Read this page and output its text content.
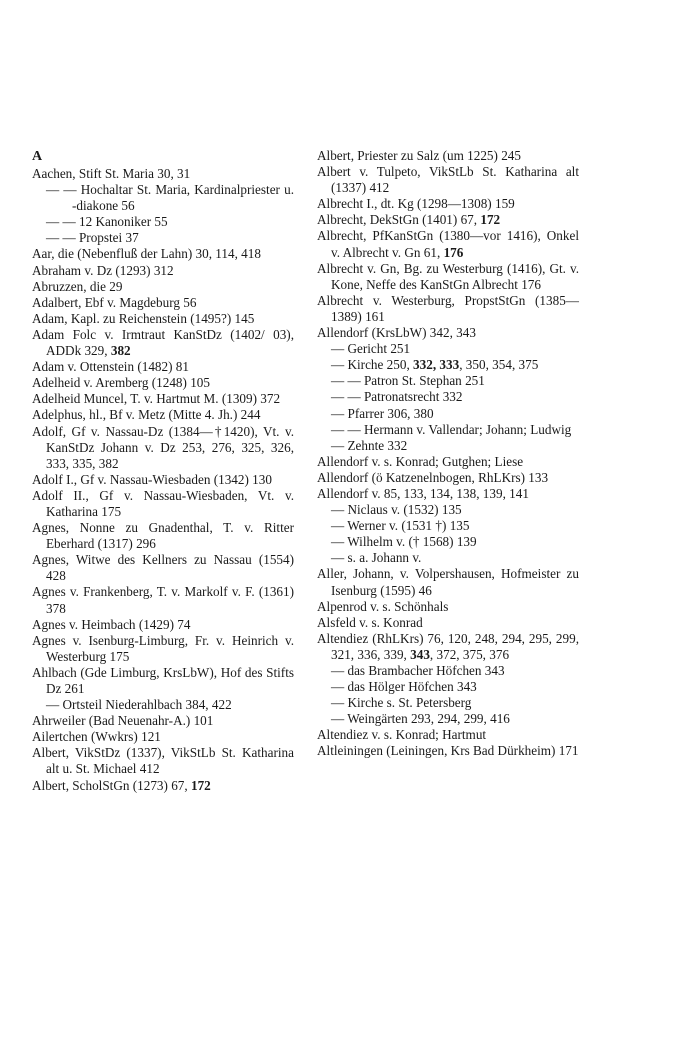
A
Aachen, Stift St. Maria 30, 31
— — Hochaltar St. Maria, Kardinalpriester u. -diakone 56
— — 12 Kanoniker 55
— — Propstei 37
Aar, die (Nebenfluß der Lahn) 30, 114, 418
Abraham v. Dz (1293) 312
Abruzzen, die 29
Adalbert, Ebf v. Magdeburg 56
Adam, Kapl. zu Reichenstein (1495?) 145
Adam Folc v. Irmtraut KanStDz (1402/ 03), ADDk 329, 382
Adam v. Ottenstein (1482) 81
Adelheid v. Aremberg (1248) 105
Adelheid Muncel, T. v. Hartmut M. (1309) 372
Adelphus, hl., Bf v. Metz (Mitte 4. Jh.) 244
Adolf, Gf v. Nassau-Dz (1384—†1420), Vt. v. KanStDz Johann v. Dz 253, 276, 325, 326, 333, 335, 382
Adolf I., Gf v. Nassau-Wiesbaden (1342) 130
Adolf II., Gf v. Nassau-Wiesbaden, Vt. v. Katharina 175
Agnes, Nonne zu Gnadenthal, T. v. Ritter Eberhard (1317) 296
Agnes, Witwe des Kellners zu Nassau (1554) 428
Agnes v. Frankenberg, T. v. Markolf v. F. (1361) 378
Agnes v. Heimbach (1429) 74
Agnes v. Isenburg-Limburg, Fr. v. Heinrich v. Westerburg 175
Ahlbach (Gde Limburg, KrsLbW), Hof des Stifts Dz 261
— Ortsteil Niederahlbach 384, 422
Ahrweiler (Bad Neuenahr-A.) 101
Ailertchen (Wwkrs) 121
Albert, VikStDz (1337), VikStLb St. Katharina alt u. St. Michael 412
Albert, ScholStGn (1273) 67, 172
Albert, Priester zu Salz (um 1225) 245
Albert v. Tulpeto, VikStLb St. Katharina alt (1337) 412
Albrecht I., dt. Kg (1298—1308) 159
Albrecht, DekStGn (1401) 67, 172
Albrecht, PfKanStGn (1380—vor 1416), Onkel v. Albrecht v. Gn 61, 176
Albrecht v. Gn, Bg. zu Westerburg (1416), Gt. v. Kone, Neffe des KanStGn Albrecht 176
Albrecht v. Westerburg, PropstStGn (1385—1389) 161
Allendorf (KrsLbW) 342, 343
— Gericht 251
— Kirche 250, 332, 333, 350, 354, 375
— — Patron St. Stephan 251
— — Patronatsrecht 332
— Pfarrer 306, 380
— — Hermann v. Vallendar; Johann; Ludwig
— Zehnte 332
Allendorf v. s. Konrad; Gutghen; Liese
Allendorf (ö Katzenelnbogen, RhLKrs) 133
Allendorf v. 85, 133, 134, 138, 139, 141
— Niclaus v. (1532) 135
— Werner v. (1531 †) 135
— Wilhelm v. († 1568) 139
— s. a. Johann v.
Aller, Johann, v. Volpershausen, Hofmeister zu Isenburg (1595) 46
Alpenrod v. s. Schönhals
Alsfeld v. s. Konrad
Altendiez (RhLKrs) 76, 120, 248, 294, 295, 299, 321, 336, 339, 343, 372, 375, 376
— das Brambacher Höfchen 343
— das Hölger Höfchen 343
— Kirche s. St. Petersberg
— Weingärten 293, 294, 299, 416
Altendiez v. s. Konrad; Hartmut
Altleiningen (Leiningen, Krs Bad Dürkheim) 171
